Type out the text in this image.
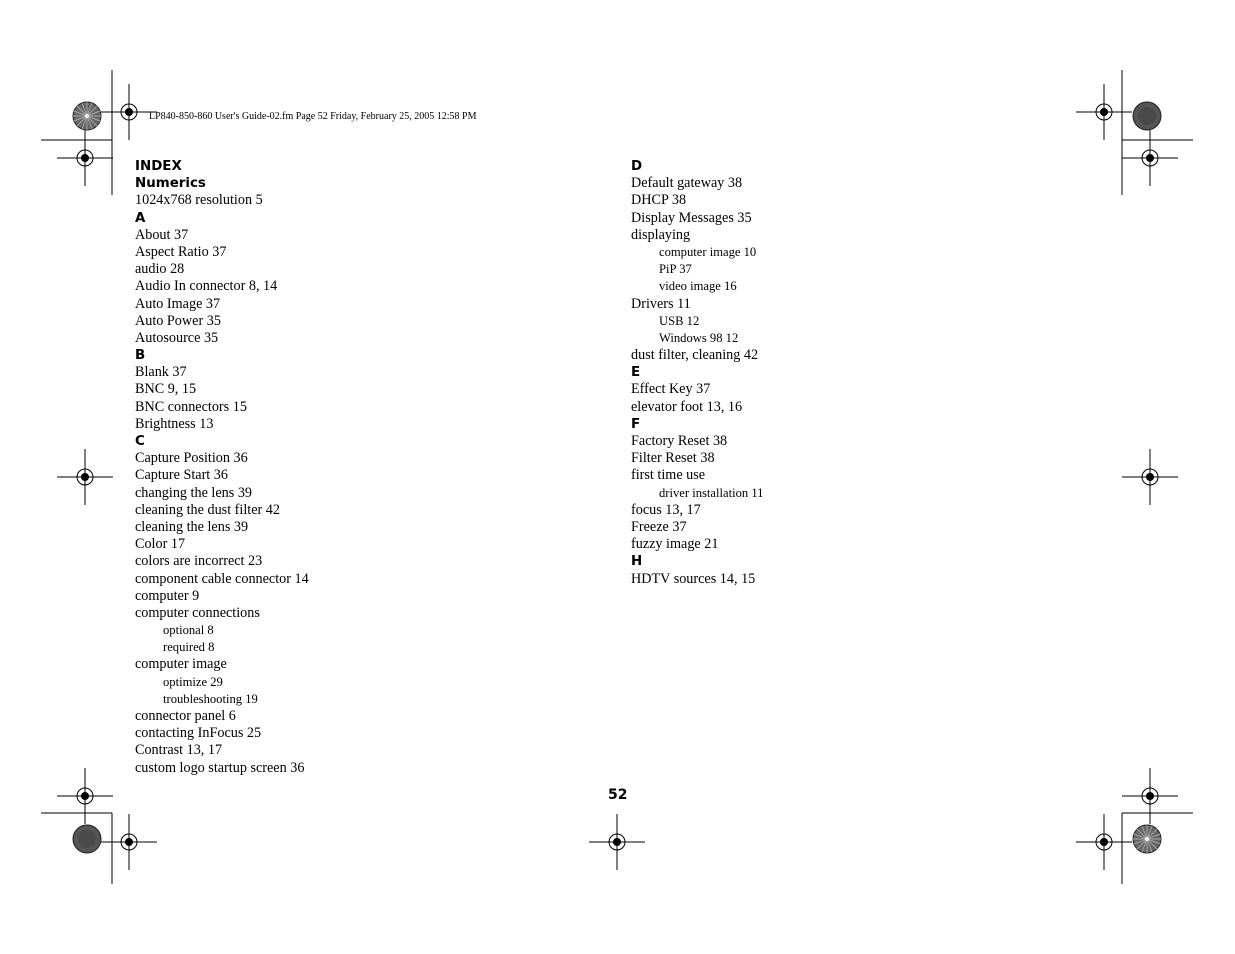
LP840-850-860 User's Guide-02.fm Page 52 Friday, February 25, 2005 12:58 PM
INDEX
Numerics
1024x768 resolution 5
A
About 37
Aspect Ratio 37
audio 28
Audio In connector 8, 14
Auto Image 37
Auto Power 35
Autosource 35
B
Blank 37
BNC 9, 15
BNC connectors 15
Brightness 13
C
Capture Position 36
Capture Start 36
changing the lens 39
cleaning the dust filter 42
cleaning the lens 39
Color 17
colors are incorrect 23
component cable connector 14
computer 9
computer connections
optional 8
required 8
computer image
optimize 29
troubleshooting 19
connector panel 6
contacting InFocus 25
Contrast 13, 17
custom logo startup screen 36
D
Default gateway 38
DHCP 38
Display Messages 35
displaying
computer image 10
PiP 37
video image 16
Drivers 11
USB 12
Windows 98 12
dust filter, cleaning 42
E
Effect Key 37
elevator foot 13, 16
F
Factory Reset 38
Filter Reset 38
first time use
driver installation 11
focus 13, 17
Freeze 37
fuzzy image 21
H
HDTV sources 14, 15
52
